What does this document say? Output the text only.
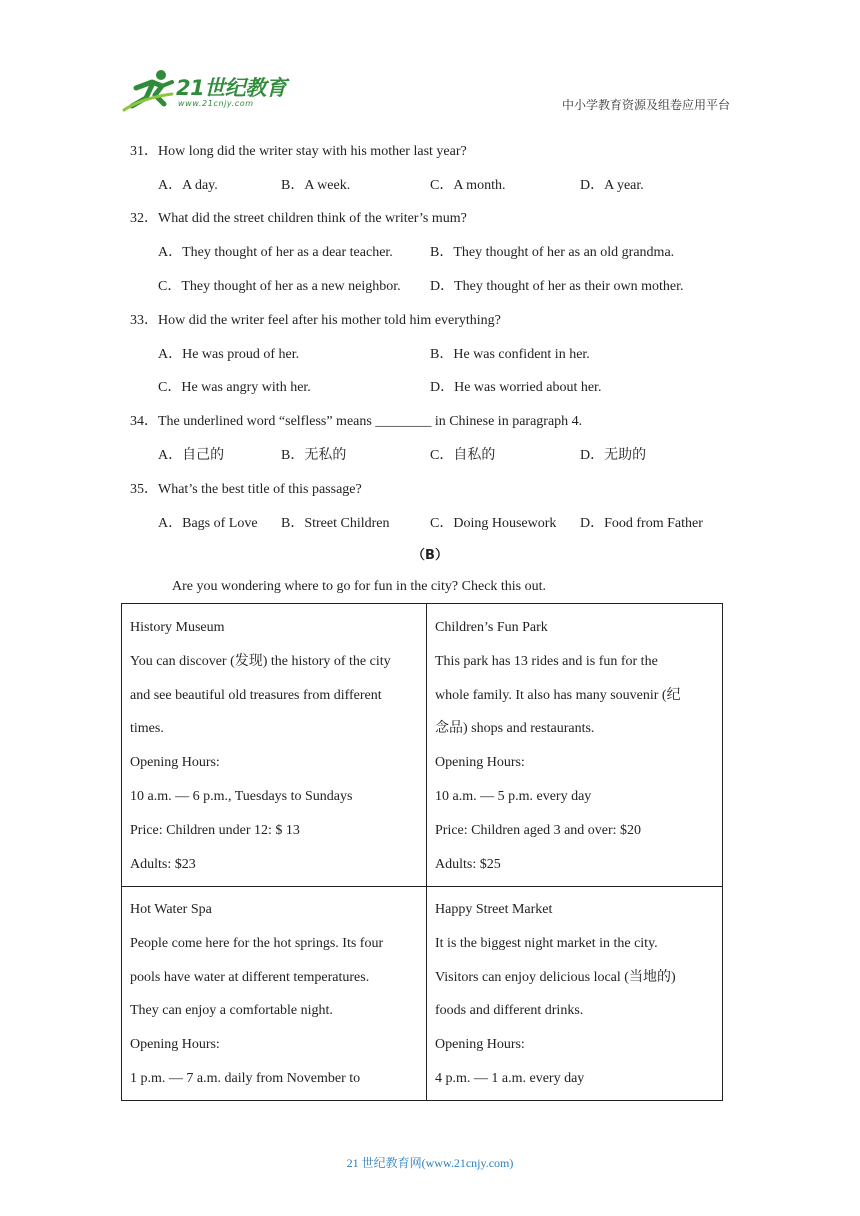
21世纪教育
www.21cnjy.com	中小学教育资源及组卷应用平台
31．How long did the writer stay with his mother last year?
A．A day.	B．A week.	C．A month.	D．A year.
32．What did the street children think of the writer’s mum?
A．They thought of her as a dear teacher.	B．They thought of her as an old grandma.
C．They thought of her as a new neighbor. D．They thought of her as their own mother.
33．How did the writer feel after his mother told him everything?
A．He was proud of her.	B．He was confident in her.
C．He was angry with her.	D．He was worried about her.
34．The underlined word “selfless” means ________ in Chinese in paragraph 4.
A．自己的	B．无私的	C．自私的	D．无助的
35．What’s the best title of this passage?
A．Bags of Love B．Street Children	C．Doing Housework D．Food from Father
（B）
Are you wondering where to go for fun in the city? Check this out.
History Museum
You can discover (发现) the history of the city
and see beautiful old treasures from different
times.
Opening Hours:
10 a.m. — 6 p.m., Tuesdays to Sundays
Price: Children under 12: $ 13
Adults: $23
Children’s Fun Park
This park has 13 rides and is fun for the
whole family. It also has many souvenir (纪
念品) shops and restaurants.
Opening Hours:
10 a.m. — 5 p.m. every day
Price: Children aged 3 and over: $20
Adults: $25
Hot Water Spa
People come here for the hot springs. Its four
pools have water at different temperatures.
They can enjoy a comfortable night.
Opening Hours:
1 p.m. — 7 a.m. daily from November to
Happy Street Market
It is the biggest night market in the city.
Visitors can enjoy delicious local (当地的)
foods and different drinks.
Opening Hours:
4 p.m. — 1 a.m. every day
21 世纪教育网(www.21cnjy.com)
